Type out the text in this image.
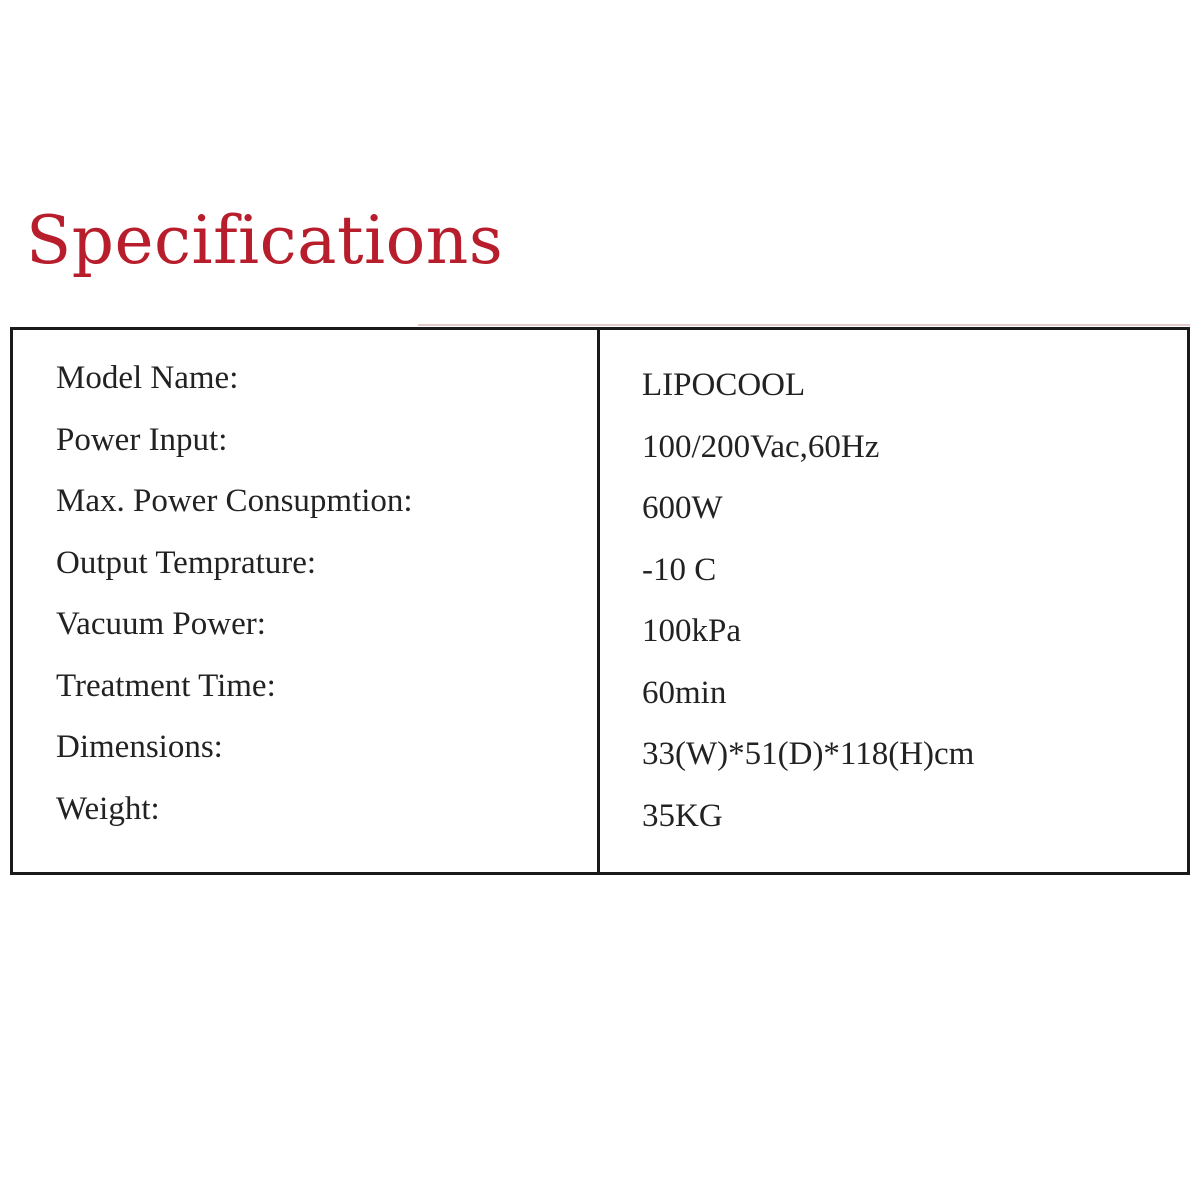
Specifications
Model Name:
Power Input:
Max. Power Consupmtion:
Output Temprature:
Vacuum Power:
Treatment Time:
Dimensions:
Weight:
LIPOCOOL
100/200Vac,60Hz
600W
-10 C
100kPa
60min
33(W)*51(D)*118(H)cm
35KG
